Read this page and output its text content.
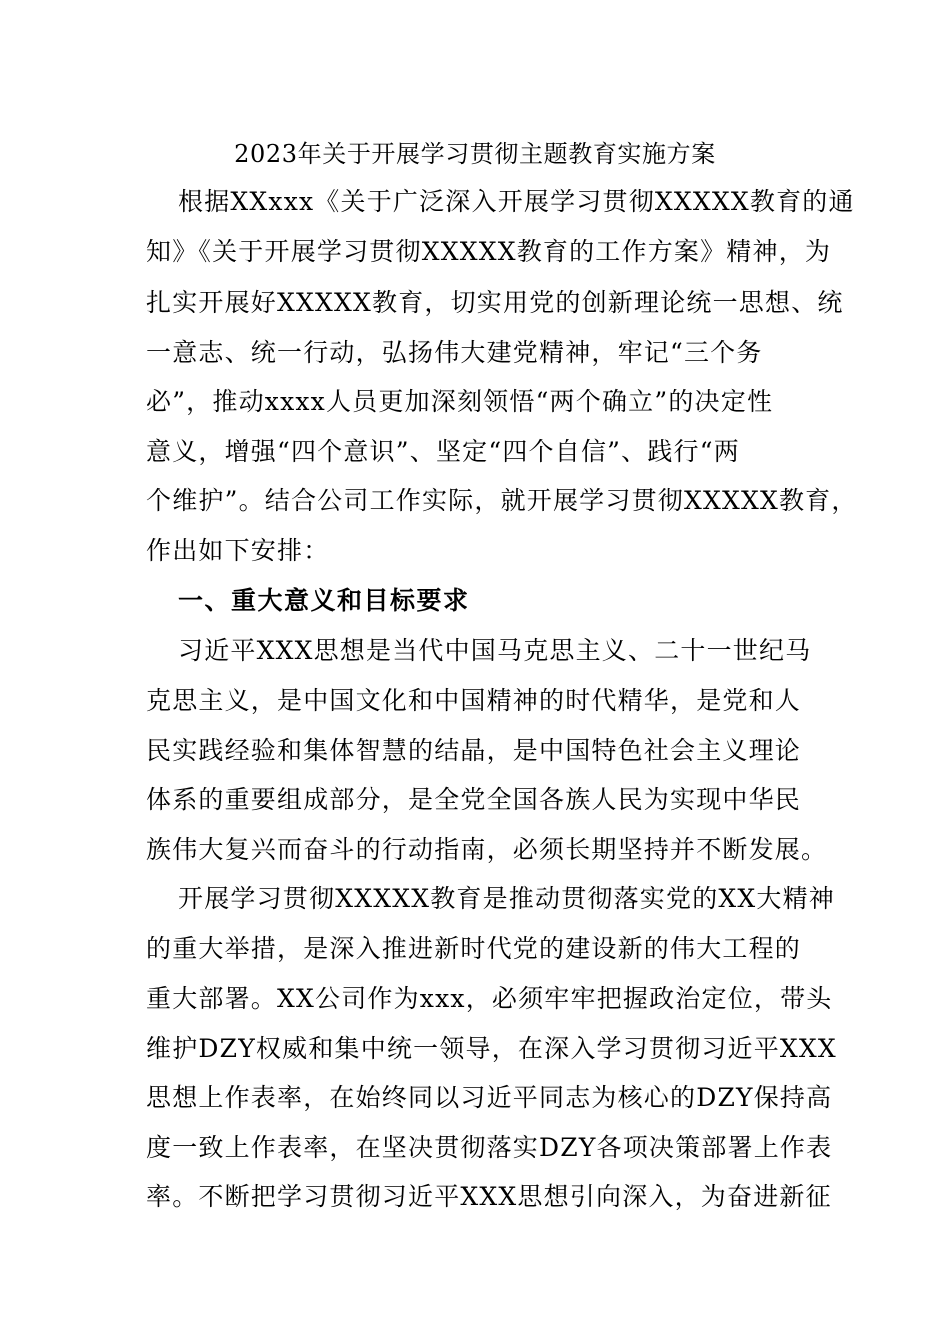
2023年关于开展学习贯彻主题教育实施方案
根据XXxxx《关于广泛深入开展学习贯彻XXXXX教育的通
知》《关于开展学习贯彻XXXXX教育的工作方案》精神，为
扎实开展好XXXXX教育，切实用党的创新理论统一思想、统
一意志、统一行动，弘扬伟大建党精神，牢记“三个务
必”，推动xxxx人员更加深刻领悟“两个确立”的决定性
意义，增强“四个意识”、坚定“四个自信”、践行“两
个维护”。结合公司工作实际，就开展学习贯彻XXXXX教育，
作出如下安排：
一、重大意义和目标要求
习近平XXX思想是当代中国马克思主义、二十一世纪马
克思主义，是中国文化和中国精神的时代精华，是党和人
民实践经验和集体智慧的结晶，是中国特色社会主义理论
体系的重要组成部分，是全党全国各族人民为实现中华民
族伟大复兴而奋斗的行动指南，必须长期坚持并不断发展。
开展学习贯彻XXXXX教育是推动贯彻落实党的XX大精神
的重大举措，是深入推进新时代党的建设新的伟大工程的
重大部署。XX公司作为xxx，必须牢牢把握政治定位，带头
维护DZY权威和集中统一领导，在深入学习贯彻习近平XXX
思想上作表率，在始终同以习近平同志为核心的DZY保持高
度一致上作表率，在坚决贯彻落实DZY各项决策部署上作表
率。不断把学习贯彻习近平XXX思想引向深入，为奋进新征
